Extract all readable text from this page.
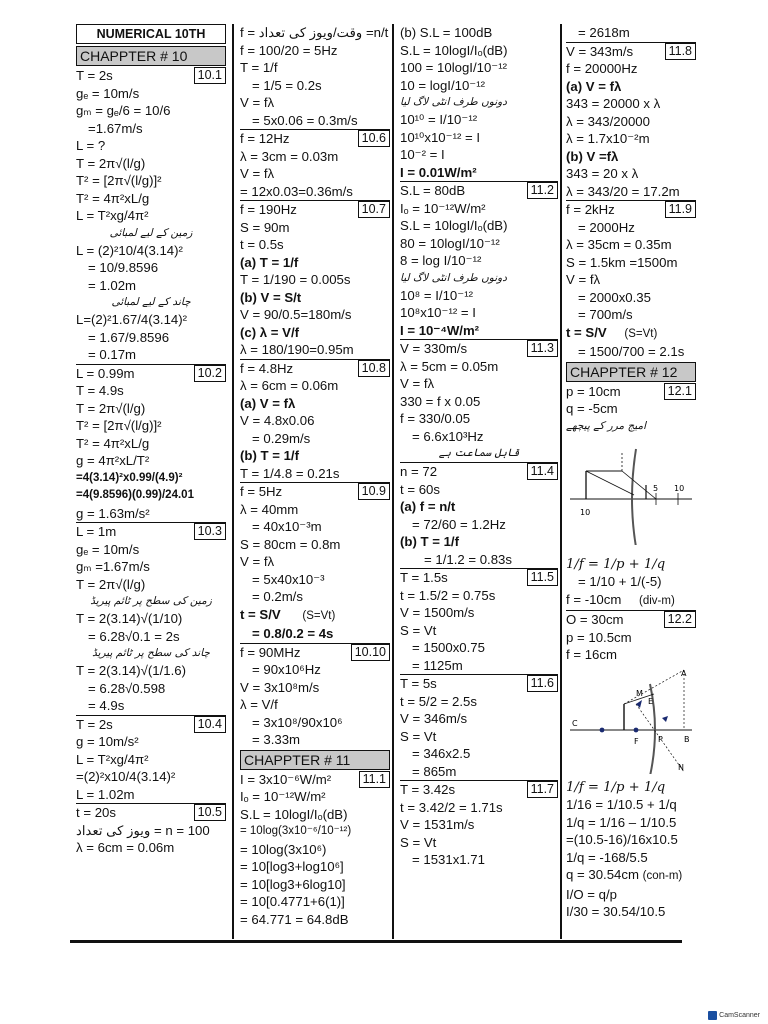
NUMERICAL 10TH
CHAPPTER # 10
T = 2s	10.1
gₑ = 10m/s
gₘ = gₑ/6 = 10/6
=1.67m/s
L = ?
T = 2π√(l/g)
T² = [2π√(l/g)]²
T² = 4π²xL/g
L = T²xg/4π²
زمین کے لیے لمبائی
L = (2)²10/4(3.14)²
= 10/9.8596
= 1.02m
چاند کے لیے لمبائی
L=(2)²1.67/4(3.14)²
= 1.67/9.8596
= 0.17m
L = 0.99m	10.2
T = 4.9s
T = 2π√(l/g)
T² = [2π√(l/g)]²
T² = 4π²xL/g
g = 4π²xL/T²
=4(3.14)²x0.99/(4.9)²
=4(9.8596)(0.99)/24.01
g = 1.63m/s²
L = 1m	10.3
gₑ = 10m/s
gₘ =1.67m/s
T = 2π√(l/g)
زمین کی سطح پر ٹائم پیریڈ
T = 2(3.14)√(1/10)
= 6.28√0.1 = 2s
چاند کی سطح پر ٹائم پیریڈ
T = 2(3.14)√(1/1.6)
= 6.28√0.598
= 4.9s
T = 2s	10.4
g = 10m/s²
L = T²xg/4π²
=(2)²x10/4(3.14)²
L = 1.02m
t = 20s	10.5
ویوز کی تعداد = n = 100
λ = 6cm = 0.06m
f = وقت/ویوز کی تعداد =n/t
f = 100/20 = 5Hz
T = 1/f
= 1/5 = 0.2s
V = fλ
= 5x0.06 = 0.3m/s
f = 12Hz	10.6
λ = 3cm = 0.03m
V = fλ
= 12x0.03=0.36m/s
f = 190Hz	10.7
S = 90m
t = 0.5s
(a) T = 1/f
T = 1/190 = 0.005s
(b) V = S/t
V = 90/0.5=180m/s
(c) λ = V/f
λ = 180/190=0.95m
f = 4.8Hz	10.8
λ = 6cm = 0.06m
(a) V = fλ
V = 4.8x0.06
= 0.29m/s
(b) T = 1/f
T = 1/4.8 = 0.21s
f = 5Hz	10.9
λ = 40mm
= 40x10⁻³m
S = 80cm = 0.8m
V = fλ
= 5x40x10⁻³
= 0.2m/s
t = S/V (S=Vt)
= 0.8/0.2 = 4s
f = 90MHz	10.10
= 90x10⁶Hz
V = 3x10⁸m/s
λ = V/f
= 3x10⁸/90x10⁶
= 3.33m
CHAPPTER # 11
I = 3x10⁻⁶W/m²	11.1
Iₒ = 10⁻¹²W/m²
S.L = 10logI/Iₒ(dB)
= 10log(3x10⁻⁶/10⁻¹²)
= 10log(3x10⁶)
= 10[log3+log10⁶]
= 10[log3+6log10]
= 10[0.4771+6(1)]
= 64.771 = 64.8dB
(b) S.L = 100dB
S.L = 10logI/Iₒ(dB)
100 = 10logI/10⁻¹²
10 = logI/10⁻¹²
دونوں طرف انٹی لاگ لیا
10¹⁰ = I/10⁻¹²
10¹⁰x10⁻¹² = I
10⁻² = I
I = 0.01W/m²
S.L = 80dB	11.2
Iₒ = 10⁻¹²W/m²
S.L = 10logI/Iₒ(dB)
80 = 10logI/10⁻¹²
8 = log I/10⁻¹²
دونوں طرف انٹی لاگ لیا
10⁸ = I/10⁻¹²
10⁸x10⁻¹² = I
I = 10⁻⁴W/m²
V = 330m/s	11.3
λ = 5cm = 0.05m
V = fλ
330 = f x 0.05
f = 330/0.05
= 6.6x10³Hz
قابل سماعت ہے
n = 72	11.4
t = 60s
(a) f = n/t
= 72/60 = 1.2Hz
(b) T = 1/f
= 1/1.2 = 0.83s
T = 1.5s	11.5
t = 1.5/2 = 0.75s
V = 1500m/s
S = Vt
= 1500x0.75
= 1125m
T = 5s	11.6
t = 5/2 = 2.5s
V = 346m/s
S = Vt
= 346x2.5
= 865m
T = 3.42s	11.7
t = 3.42/2 = 1.71s
V = 1531m/s
S = Vt
= 1531x1.71
= 2618m
V = 343m/s	11.8
f = 20000Hz
(a) V = fλ
343 = 20000 x λ
λ = 343/20000
λ = 1.7x10⁻²m
(b) V =fλ
343 = 20 x λ
λ = 343/20 = 17.2m
f = 2kHz	11.9
= 2000Hz
λ = 35cm = 0.35m
S = 1.5km =1500m
V = fλ
= 2000x0.35
= 700m/s
t = S/V (S=Vt)
= 1500/700 = 2.1s
CHAPPTER # 12
p = 10cm	12.1
q = -5cm
امیج مرر کے پیچھے
10
5 10
1/f = 1/p + 1/q
= 1/10 + 1/(-5)
f = -10cm (div-m)
O = 30cm	12.2
p = 10.5cm
f = 16cm
M
E
A
C
F P	B
N
1/f = 1/p + 1/q
1/16 = 1/10.5 + 1/q
1/q = 1/16 – 1/10.5
=(10.5-16)/16x10.5
1/q = -168/5.5
q = 30.54cm (con-m)
I/O = q/p
I/30 = 30.54/10.5
CamScanner
